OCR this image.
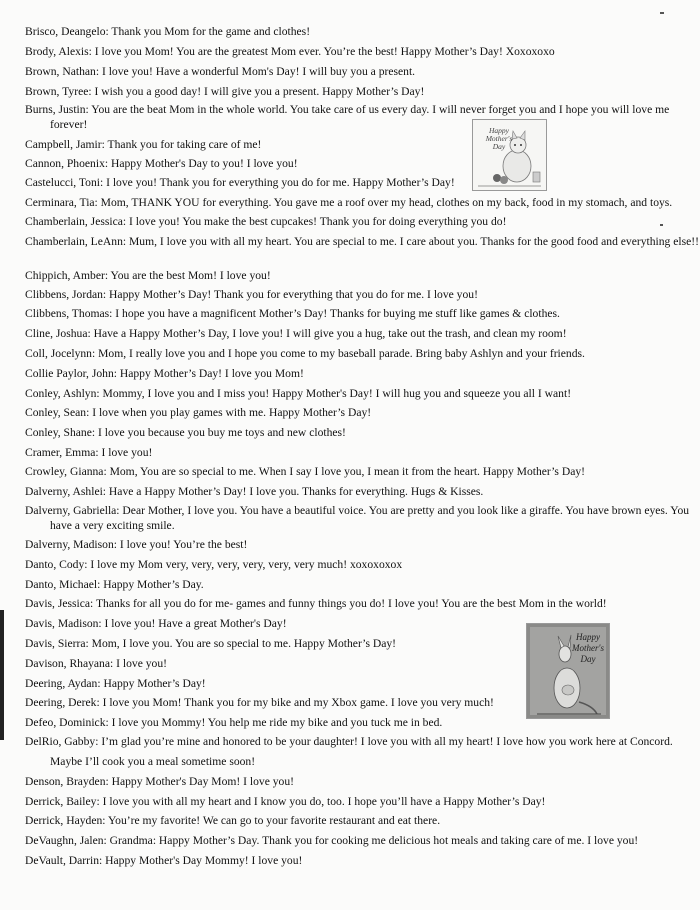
Brisco, Deangelo: Thank you Mom for the game and clothes!
Brody, Alexis: I love you Mom! You are the greatest Mom ever. You’re the best! Happy Mother’s Day! Xoxoxoxo
Brown, Nathan: I love you! Have a wonderful Mom's Day! I will buy you a present.
Brown, Tyree: I wish you a good day! I will give you a present. Happy Mother’s Day!
Burns, Justin: You are the beat Mom in the whole world. You take care of us every day. I will never forget you and I hope you will love me forever!
Campbell, Jamir: Thank you for taking care of me!
Cannon, Phoenix: Happy Mother's Day to you! I love you!
Castelucci, Toni: I love you! Thank you for everything you do for me. Happy Mother’s Day!
Cerminara, Tia: Mom, THANK YOU for everything. You gave me a roof over my head, clothes on my back, food in my stomach, and toys.
Chamberlain, Jessica: I love you! You make the best cupcakes! Thank you for doing everything you do!
Chamberlain, LeAnn: Mum, I love you with all my heart. You are special to me. I care about you. Thanks for the good food and everything else!!
Chippich, Amber: You are the best Mom! I love you!
Clibbens, Jordan: Happy Mother’s Day! Thank you for everything that you do for me. I love you!
Clibbens, Thomas: I hope you have a magnificent Mother’s Day! Thanks for buying me stuff like games & clothes.
Cline, Joshua: Have a Happy Mother’s Day, I love you! I will give you a hug, take out the trash, and clean my room!
Coll, Jocelynn: Mom, I really love you and I hope you come to my baseball parade. Bring baby Ashlyn and your friends.
Collie Paylor, John: Happy Mother’s Day! I love you Mom!
Conley, Ashlyn: Mommy, I love you and I miss you! Happy Mother's Day! I will hug you and squeeze you all I want!
Conley, Sean: I love when you play games with me. Happy Mother’s Day!
Conley, Shane: I love you because you buy me toys and new clothes!
Cramer, Emma: I love you!
Crowley, Gianna: Mom, You are so special to me. When I say I love you, I mean it from the heart. Happy Mother’s Day!
Dalverny, Ashlei: Have a Happy Mother’s Day! I love you. Thanks for everything. Hugs & Kisses.
Dalverny, Gabriella: Dear Mother, I love you. You have a beautiful voice. You are pretty and you look like a giraffe. You have brown eyes. You have a very exciting smile.
Dalverny, Madison: I love you! You’re the best!
Danto, Cody: I love my Mom very, very, very, very, very, very much! xoxoxoxox
Danto, Michael: Happy Mother’s Day.
Davis, Jessica: Thanks for all you do for me- games and funny things you do! I love you! You are the best Mom in the world!
Davis, Madison: I love you! Have a great Mother's Day!
Davis, Sierra: Mom, I love you. You are so special to me. Happy Mother’s Day!
Davison, Rhayana: I love you!
Deering, Aydan: Happy Mother’s Day!
Deering, Derek: I love you Mom! Thank you for my bike and my Xbox game. I love you very much!
Defeo, Dominick: I love you Mommy! You help me ride my bike and you tuck me in bed.
DelRio, Gabby: I’m glad you’re mine and honored to be your daughter! I love you with all my heart! I love how you work here at Concord.
Maybe I’ll cook you a meal sometime soon!
Denson, Brayden: Happy Mother's Day Mom! I love you!
Derrick, Bailey: I love you with all my heart and I know you do, too. I hope you’ll have a Happy Mother’s Day!
Derrick, Hayden: You’re my favorite! We can go to your favorite restaurant and eat there.
DeVaughn, Jalen: Grandma: Happy Mother’s Day. Thank you for cooking me delicious hot meals and taking care of me. I love you!
DeVault, Darrin: Happy Mother's Day Mommy! I love you!
Happy
Mother's
Day
Happy
Mother's
Day
